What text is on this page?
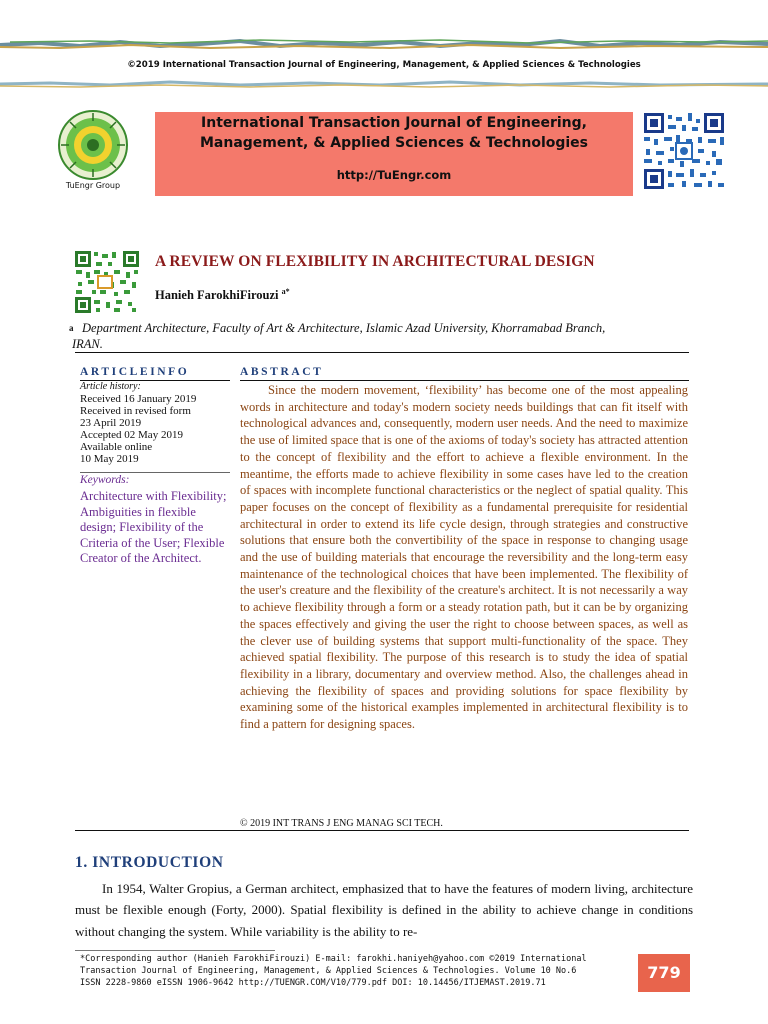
©2019 International Transaction Journal of Engineering, Management, & Applied Sciences & Technologies
International Transaction Journal of Engineering,
Management, & Applied Sciences & Technologies
http://TuEngr.com
TuEngr Group
A REVIEW ON FLEXIBILITY IN ARCHITECTURAL DESIGN
Hanieh FarokhiFirouzi $^{a*}$
a Department Architecture, Faculty of Art & Architecture, Islamic Azad University, Khorramabad Branch,
IRAN.
ARTICLEINFO	ABSTRACT
Article history:
Received 16 January 2019
Received in revised form
23 April 2019
Accepted 02 May 2019
Available online
10 May 2019
Keywords:
Architecture with Flexibility; Ambiguities in flexible design; Flexibility of the Criteria of the User; Flexible Creator of the Architect.
Since the modern movement, ‘flexibility’ has become one of the most appealing words in architecture and today's modern society needs buildings that can fit itself with technological advances and, consequently, modern user needs. And the need to maximize the use of limited space that is one of the axioms of today's society has attracted attention to the concept of flexibility and the effort to achieve a flexible environment. In the meantime, the efforts made to achieve flexibility in some cases have led to the creation of spaces with incomplete functional characteristics or the neglect of spatial quality. This paper focuses on the concept of flexibility as a fundamental prerequisite for residential architectural in order to extend its life cycle design, through strategies and constructive solutions that ensure both the convertibility of the space in response to changing usage and the use of building materials that encourage the reversibility and the long-term easy maintenance of the technological choices that have been implemented. The flexibility of the user's creature and the flexibility of the creature's architect. It is not necessarily a way to achieve flexibility through a form or a steady rotation path, but it can be by organizing the spaces effectively and giving the user the right to choose between spaces, as well as the clever use of building systems that support multi-functionality of the space. They achieved spatial flexibility. The purpose of this research is to study the idea of spatial flexibility in a library, documentary and overview method. Also, the challenges ahead in achieving the flexibility of spaces and providing solutions for space flexibility by examining some of the historical examples implemented in architectural flexibility is to find a pattern for designing spaces.
© 2019 INT TRANS J ENG MANAG SCI TECH.
1. INTRODUCTION
In 1954, Walter Gropius, a German architect, emphasized that to have the features of modern living, architecture must be flexible enough (Forty, 2000). Spatial flexibility is defined in the ability to achieve change in conditions without changing the system. While variability is the ability to re-
*Corresponding author (Hanieh FarokhiFirouzi) E-mail: farokhi.haniyeh@yahoo.com ©2019 International
Transaction Journal of Engineering, Management, & Applied Sciences & Technologies. Volume 10 No.6
ISSN 2228-9860 eISSN 1906-9642 http://TUENGR.COM/V10/779.pdf DOI: 10.14456/ITJEMAST.2019.71
779
